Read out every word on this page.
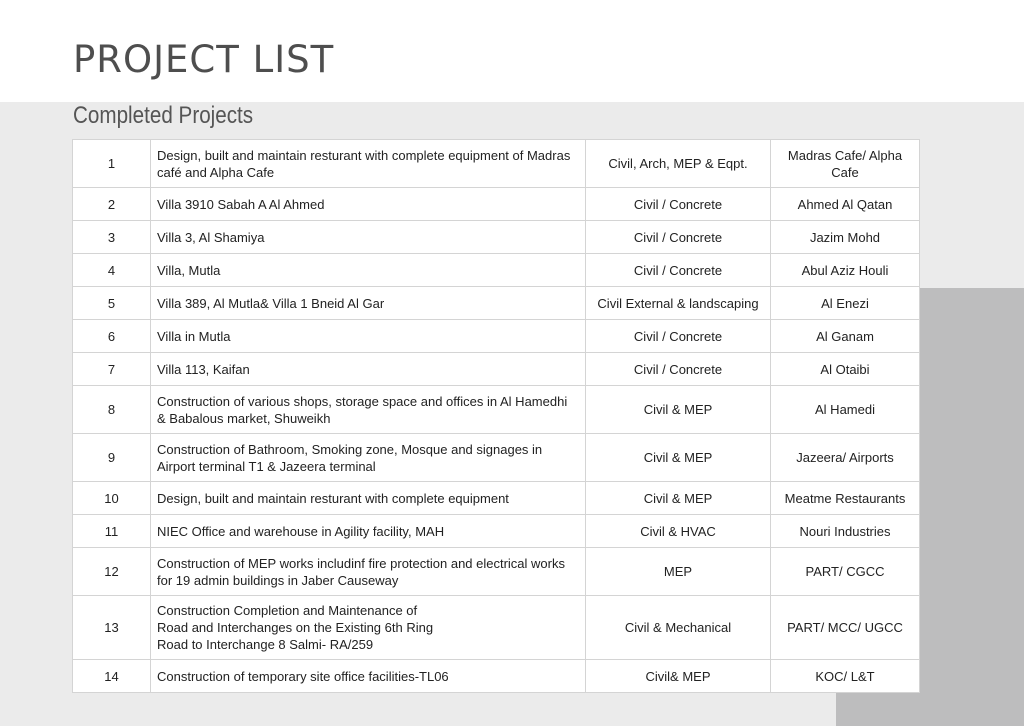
PROJECT LIST
Completed Projects
1	Design, built and maintain resturant with complete equipment of Madras café and Alpha Cafe	Civil, Arch, MEP & Eqpt.	Madras Cafe/ Alpha Cafe
2	Villa 3910 Sabah A Al Ahmed	Civil / Concrete	Ahmed Al Qatan
3	Villa 3, Al Shamiya	Civil / Concrete	Jazim Mohd
4	Villa, Mutla	Civil / Concrete	Abul Aziz Houli
5	Villa 389, Al Mutla& Villa 1 Bneid Al Gar	Civil External & landscaping	Al Enezi
6	Villa in Mutla	Civil / Concrete	Al Ganam
7	Villa 113, Kaifan	Civil / Concrete	Al Otaibi
8	Construction of various shops, storage space and offices in Al Hamedhi & Babalous market, Shuweikh	Civil & MEP	Al Hamedi
9	Construction of Bathroom, Smoking zone, Mosque and signages in Airport terminal T1 & Jazeera terminal	Civil & MEP	Jazeera/ Airports
10	Design, built and maintain resturant with complete equipment	Civil & MEP	Meatme Restaurants
11	NIEC Office and warehouse in Agility facility, MAH	Civil & HVAC	Nouri Industries
12	Construction of MEP works includinf fire protection and electrical works for 19 admin buildings in Jaber Causeway	MEP	PART/ CGCC
13	Construction Completion and Maintenance of
Road and Interchanges on the Existing 6th Ring
Road to Interchange 8 Salmi- RA/259	Civil & Mechanical	PART/ MCC/ UGCC
14	Construction of temporary site office facilities-TL06	Civil& MEP	KOC/ L&T
